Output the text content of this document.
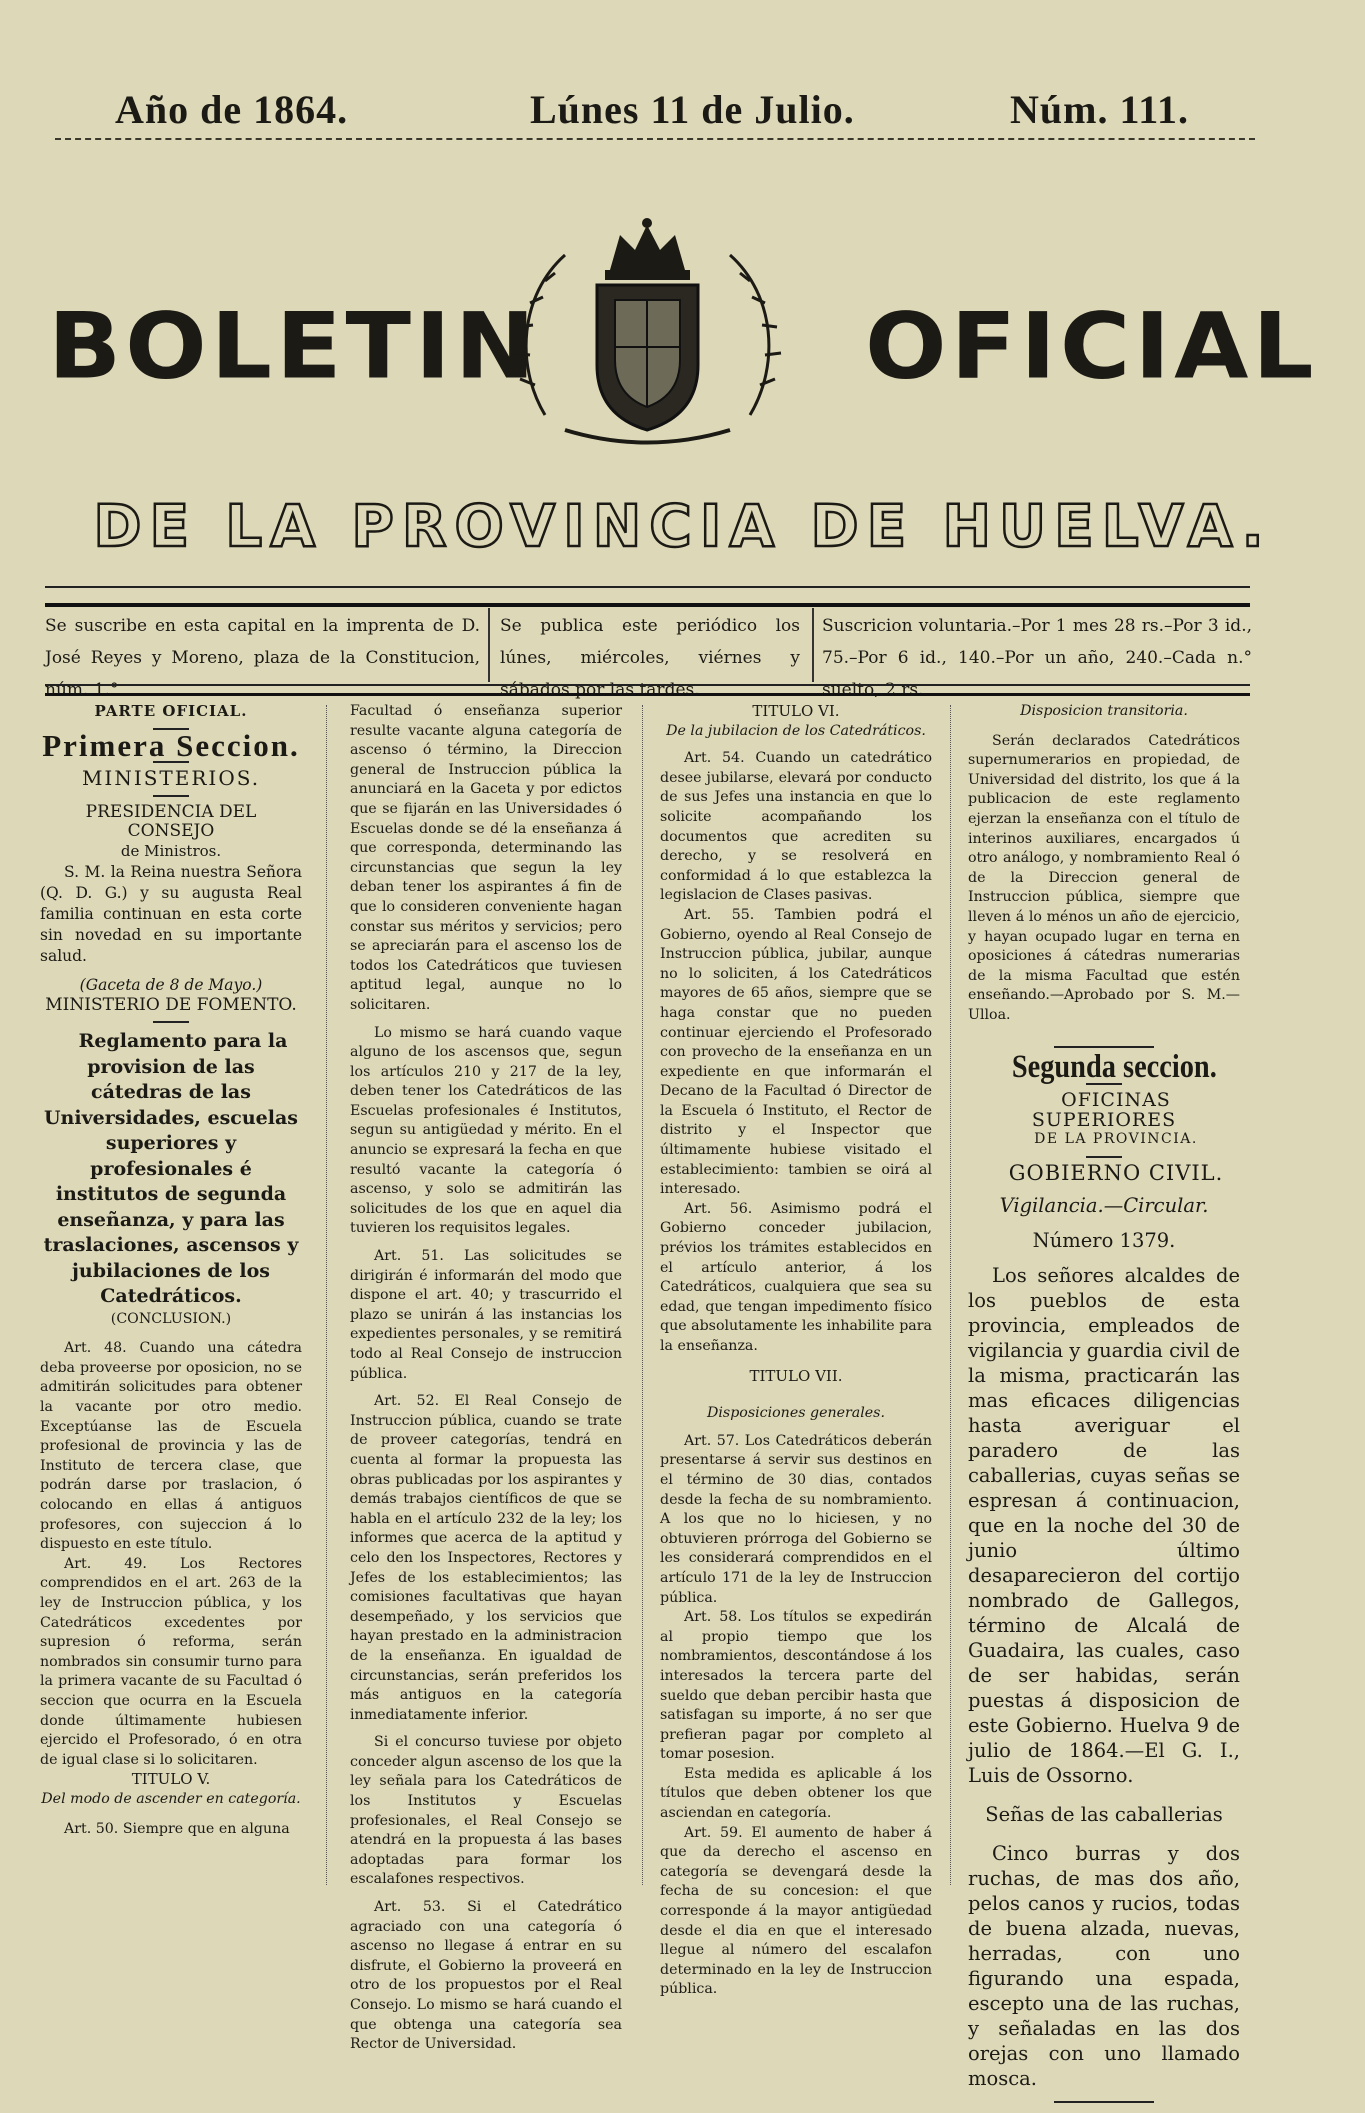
Año de 1864.	Lúnes 11 de Julio.	Núm. 111.
BOLETIN	OFICIAL
DE LA PROVINCIA DE HUELVA.
Se suscribe en esta capital en la imprenta de D. José Reyes y Moreno, plaza de la Constitucion, núm. 1.°
Se publica este periódico los lúnes, miércoles, viérnes y sábados por las tardes.
Suscricion voluntaria.–Por 1 mes 28 rs.–Por 3 id., 75.–Por 6 id., 140.–Por un año, 240.–Cada n.° suelto, 2 rs.

PARTE OFICIAL.

Primera Seccion.

MINISTERIOS.

PRESIDENCIA DEL CONSEJO

de Ministros.

S. M. la Reina nuestra Señora (Q. D. G.) y su augusta Real familia continuan en esta corte sin novedad en su importante salud.

(Gaceta de 8 de Mayo.)

MINISTERIO DE FOMENTO.

Reglamento para la provision de las cátedras de las Universidades, escuelas superiores y profesionales é institutos de segunda enseñanza, y para las traslaciones, ascensos y jubilaciones de los Catedráticos.

(CONCLUSION.)

Art. 48. Cuando una cátedra deba proveerse por oposicion, no se admitirán solicitudes para obtener la vacante por otro medio. Exceptúanse las de Escuela profesional de provincia y las de Instituto de tercera clase, que podrán darse por traslacion, ó colocando en ellas á antiguos profesores, con sujeccion á lo dispuesto en este título.

Art. 49. Los Rectores comprendidos en el art. 263 de la ley de Instruccion pública, y los Catedráticos excedentes por supresion ó reforma, serán nombrados sin consumir turno para la primera vacante de su Facultad ó seccion que ocurra en la Escuela donde últimamente hubiesen ejercido el Profesorado, ó en otra de igual clase si lo solicitaren.

TITULO V.

Del modo de ascender en categoría.

Art. 50. Siempre que en alguna

Facultad ó enseñanza superior resulte vacante alguna categoría de ascenso ó término, la Direccion general de Instruccion pública la anunciará en la Gaceta y por edictos que se fijarán en las Universidades ó Escuelas donde se dé la enseñanza á que corresponda, determinando las circunstancias que segun la ley deban tener los aspirantes á fin de que lo consideren conveniente hagan constar sus méritos y servicios; pero se apreciarán para el ascenso los de todos los Catedráticos que tuviesen aptitud legal, aunque no lo solicitaren.

Lo mismo se hará cuando vaque alguno de los ascensos que, segun los artículos 210 y 217 de la ley, deben tener los Catedráticos de las Escuelas profesionales é Institutos, segun su antigüedad y mérito. En el anuncio se expresará la fecha en que resultó vacante la categoría ó ascenso, y solo se admitirán las solicitudes de los que en aquel dia tuvieren los requisitos legales.

Art. 51. Las solicitudes se dirigirán é informarán del modo que dispone el art. 40; y trascurrido el plazo se unirán á las instancias los expedientes personales, y se remitirá todo al Real Consejo de instruccion pública.

Art. 52. El Real Consejo de Instruccion pública, cuando se trate de proveer categorías, tendrá en cuenta al formar la propuesta las obras publicadas por los aspirantes y demás trabajos científicos de que se habla en el artículo 232 de la ley; los informes que acerca de la aptitud y celo den los Inspectores, Rectores y Jefes de los establecimientos; las comisiones facultativas que hayan desempeñado, y los servicios que hayan prestado en la administracion de la enseñanza. En igualdad de circunstancias, serán preferidos los más antiguos en la categoría inmediatamente inferior.

Si el concurso tuviese por objeto conceder algun ascenso de los que la ley señala para los Catedráticos de los Institutos y Escuelas profesionales, el Real Consejo se atendrá en la propuesta á las bases adoptadas para formar los escalafones respectivos.

Art. 53. Si el Catedrático agraciado con una categoría ó ascenso no llegase á entrar en su disfrute, el Gobierno la proveerá en otro de los propuestos por el Real Consejo. Lo mismo se hará cuando el que obtenga una categoría sea Rector de Universidad.

TITULO VI.

De la jubilacion de los Catedráticos.

Art. 54. Cuando un catedrático desee jubilarse, elevará por conducto de sus Jefes una instancia en que lo solicite acompañando los documentos que acrediten su derecho, y se resolverá en conformidad á lo que establezca la legislacion de Clases pasivas.

Art. 55. Tambien podrá el Gobierno, oyendo al Real Consejo de Instruccion pública, jubilar, aunque no lo soliciten, á los Catedráticos mayores de 65 años, siempre que se haga constar que no pueden continuar ejerciendo el Profesorado con provecho de la enseñanza en un expediente en que informarán el Decano de la Facultad ó Director de la Escuela ó Instituto, el Rector de distrito y el Inspector que últimamente hubiese visitado el establecimiento: tambien se oirá al interesado.

Art. 56. Asimismo podrá el Gobierno conceder jubilacion, prévios los trámites establecidos en el artículo anterior, á los Catedráticos, cualquiera que sea su edad, que tengan impedimento físico que absolutamente les inhabilite para la enseñanza.

TITULO VII.

Disposiciones generales.

Art. 57. Los Catedráticos deberán presentarse á servir sus destinos en el término de 30 dias, contados desde la fecha de su nombramiento. A los que no lo hiciesen, y no obtuvieren prórroga del Gobierno se les considerará comprendidos en el artículo 171 de la ley de Instruccion pública.

Art. 58. Los títulos se expedirán al propio tiempo que los nombramientos, descontándose á los interesados la tercera parte del sueldo que deban percibir hasta que satisfagan su importe, á no ser que prefieran pagar por completo al tomar posesion.

Esta medida es aplicable á los títulos que deben obtener los que asciendan en categoría.

Art. 59. El aumento de haber á que da derecho el ascenso en categoría se devengará desde la fecha de su concesion: el que corresponde á la mayor antigüedad desde el dia en que el interesado llegue al número del escalafon determinado en la ley de Instruccion pública.

Disposicion transitoria.

Serán declarados Catedráticos supernumerarios en propiedad, de Universidad del distrito, los que á la publicacion de este reglamento ejerzan la enseñanza con el título de interinos auxiliares, encargados ú otro análogo, y nombramiento Real ó de la Direccion general de Instruccion pública, siempre que lleven á lo ménos un año de ejercicio, y hayan ocupado lugar en terna en oposiciones á cátedras numerarias de la misma Facultad que estén enseñando.—Aprobado por S. M.—Ulloa.

Segunda seccion.

OFICINAS SUPERIORES

DE LA PROVINCIA.

GOBIERNO CIVIL.

Vigilancia.—Circular.

Número 1379.

Los señores alcaldes de los pueblos de esta provincia, empleados de vigilancia y guardia civil de la misma, practicarán las mas eficaces diligencias hasta averiguar el paradero de las caballerias, cuyas señas se espresan á continuacion, que en la noche del 30 de junio último desaparecieron del cortijo nombrado de Gallegos, término de Alcalá de Guadaira, las cuales, caso de ser habidas, serán puestas á disposicion de este Gobierno. Huelva 9 de julio de 1864.—El G. I., Luis de Ossorno.

Señas de las caballerias

Cinco burras y dos ruchas, de mas dos año, pelos canos y rucios, todas de buena alzada, nuevas, herradas, con uno figurando una espada, escepto una de las ruchas, y señaladas en las dos orejas con uno llamado mosca.
